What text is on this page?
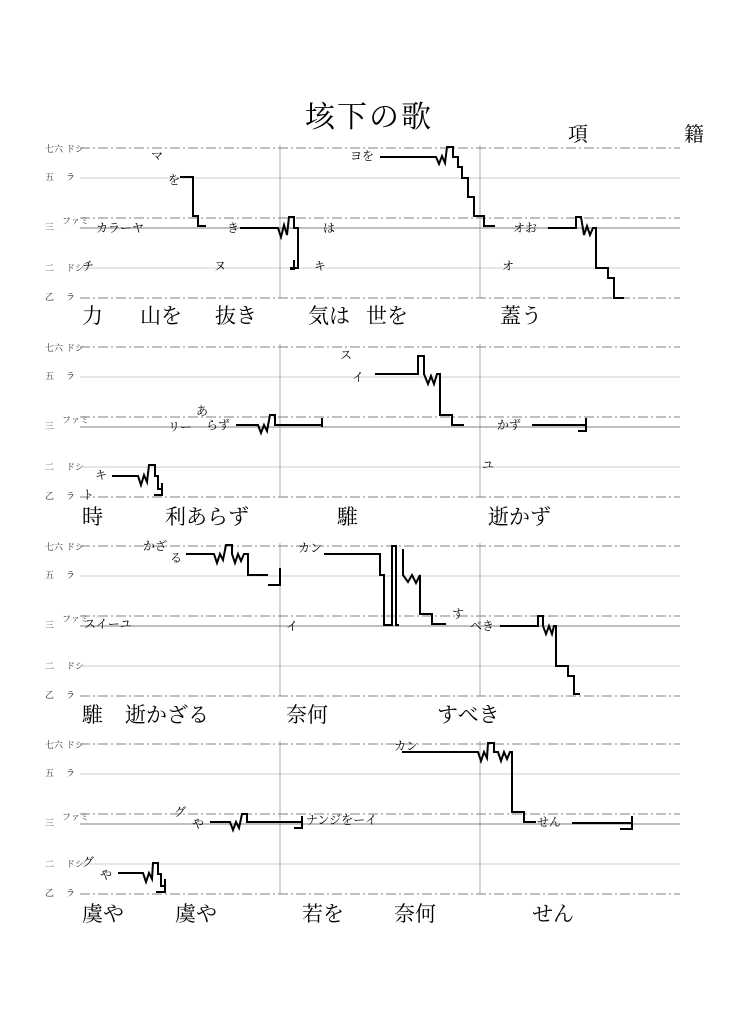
垓下の歌	項　籍
七六 ドシ
五 ラ
三
ファミ
二 ドシ
乙 ラ
マ
を
カラーヤ
チ
き
ヌ
は
キ
ヨを
オお
オ
力 山を 抜き 気は 世を	蓋う
七六 ドシ
五 ラ
三
ファミ
二 ドシ
乙 ラ
キ
ト
リー
あ
らず
ス
イ
かず
ユ
時	利あらず	騅	逝かず
七六 ドシ
五 ラ
三
ファミ
二 ドシ
乙 ラ
かざ
る
スイーユ
カン
イ
す
べき
騅 逝かざる	奈何	すべき
七六 ドシ
五 ラ
三
ファミ
二 ドシ
乙 ラ
グ
や
グ
や
ナンジをーイ
カン
せん
虞や 虞や	若を 奈何	せん
